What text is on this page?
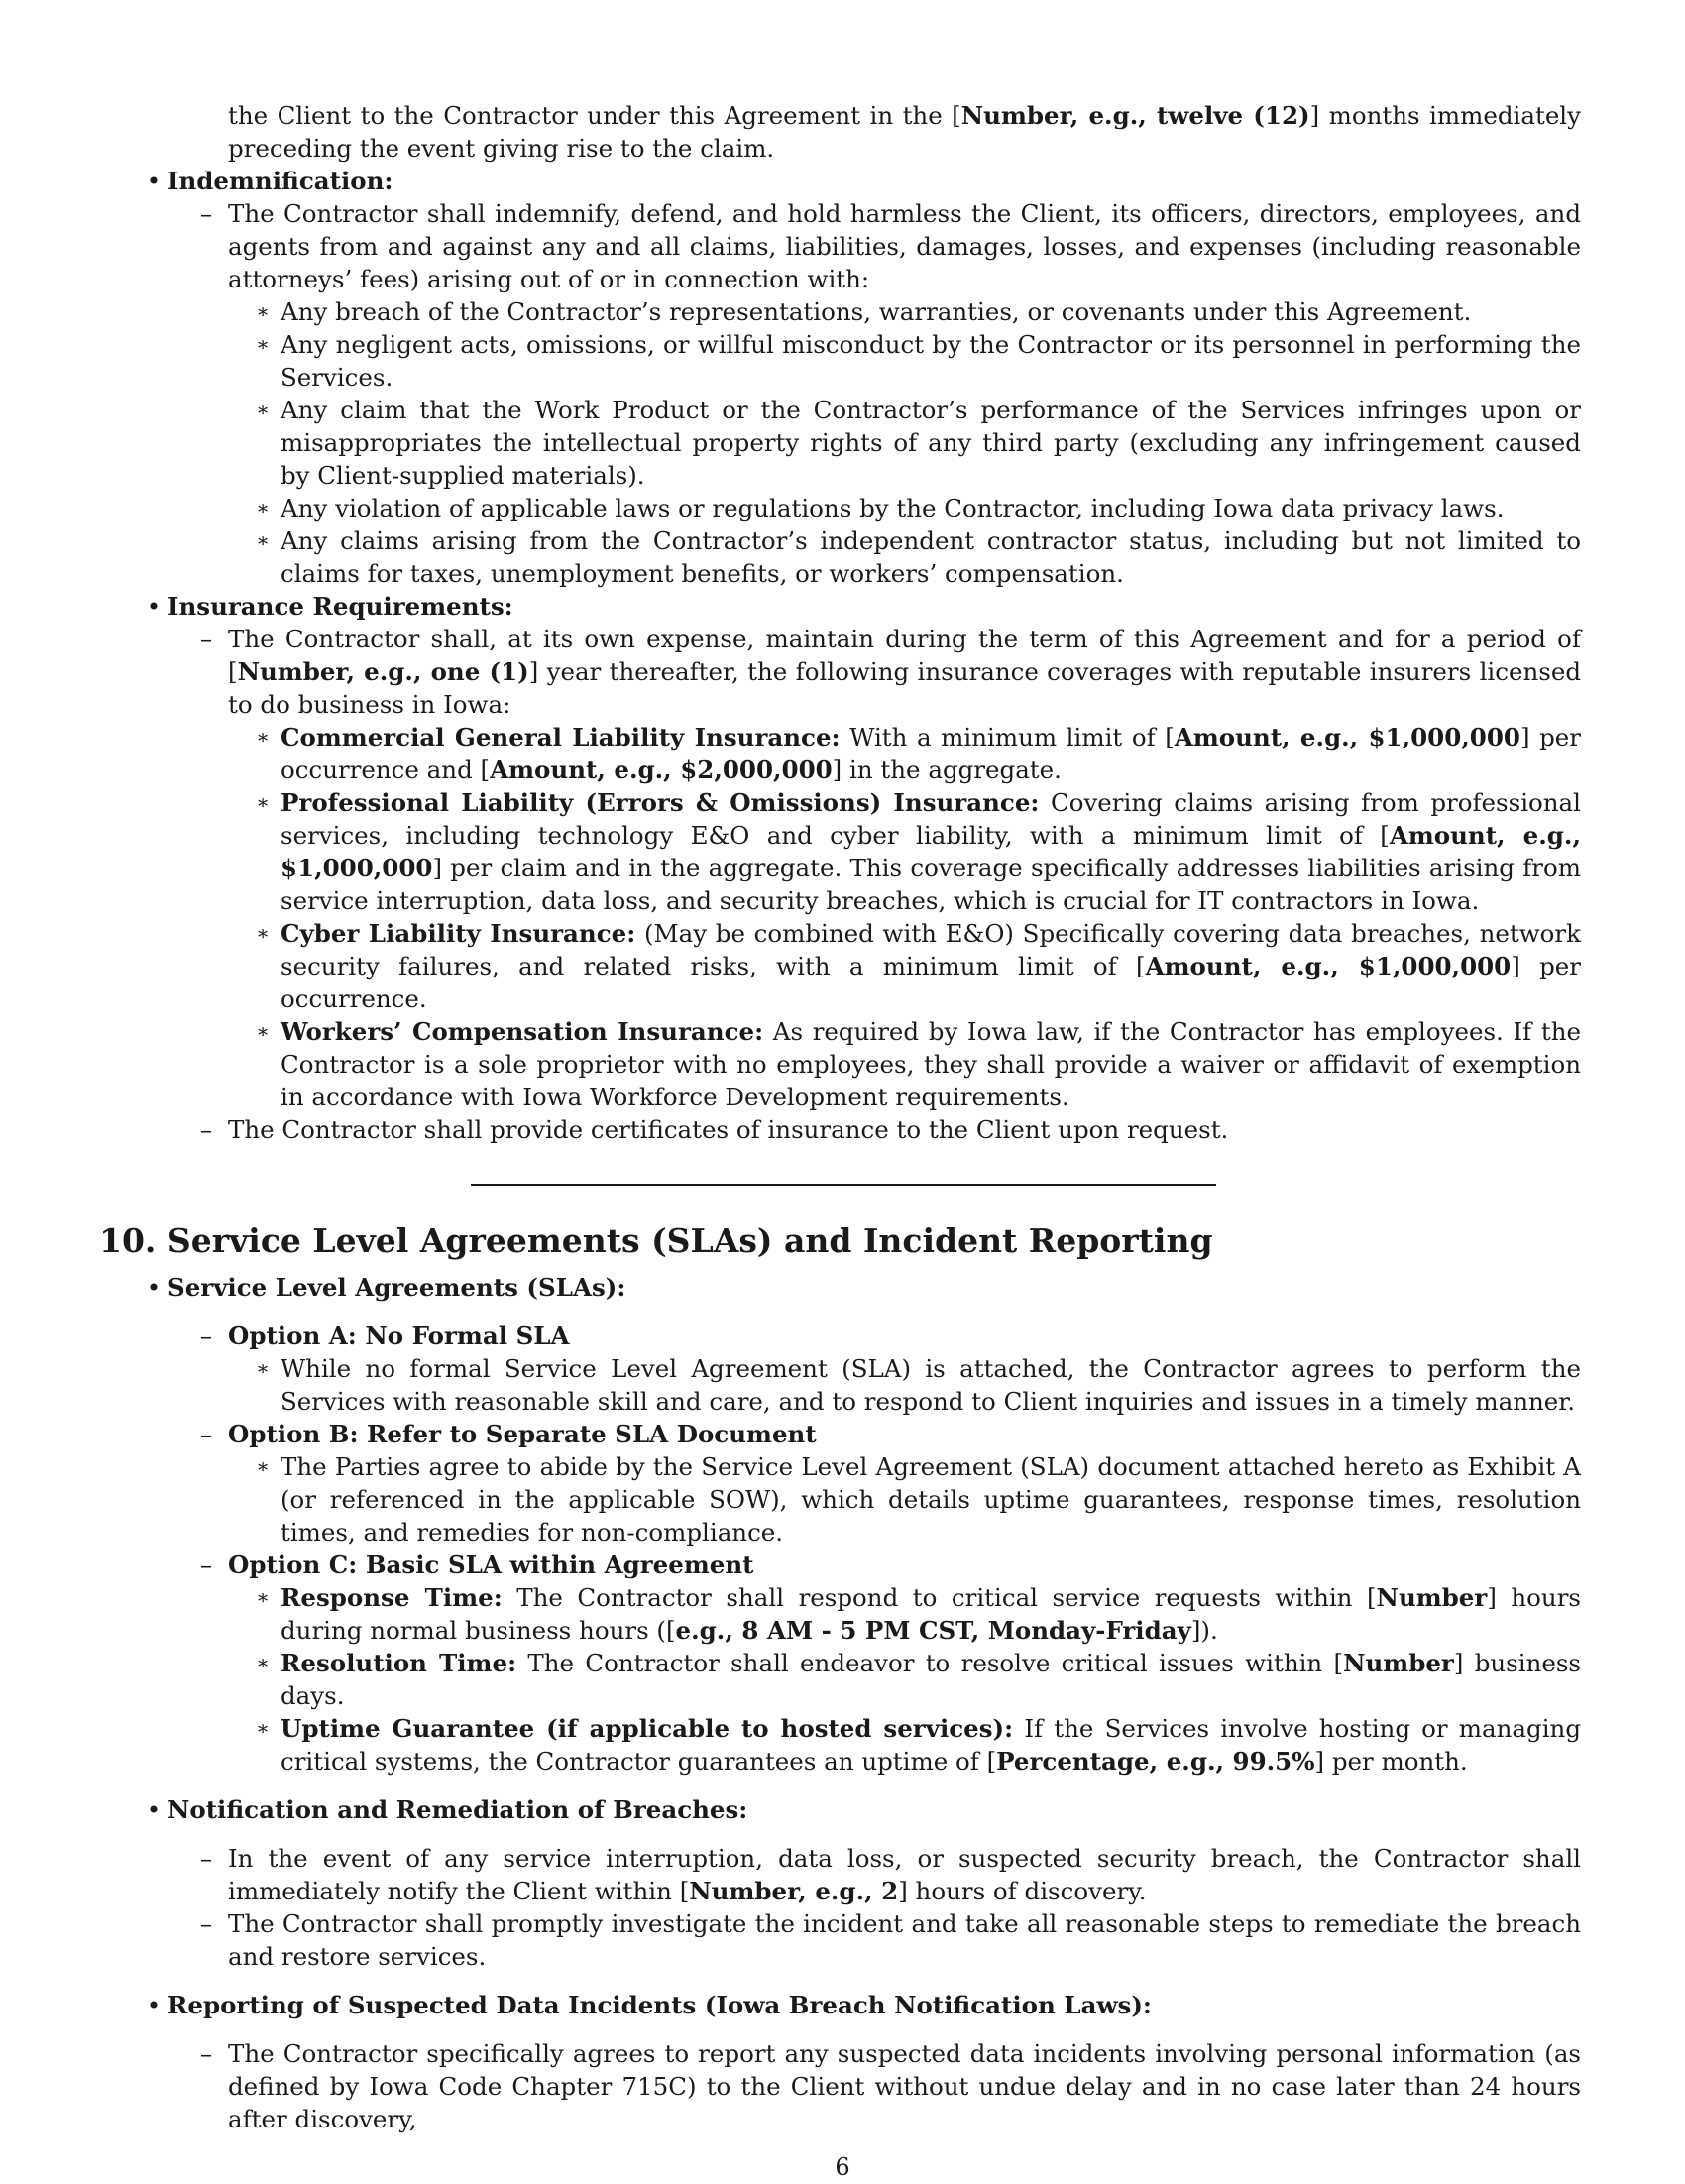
the Client to the Contractor under this Agreement in the [Number, e.g., twelve (12)] months immediately preceding the event giving rise to the claim.

• Indemnification:

– The Contractor shall indemnify, defend, and hold harmless the Client, its officers, directors, employees, and agents from and against any and all claims, liabilities, damages, losses, and expenses (including reasonable attorneys’ fees) arising out of or in connection with:

∗ Any breach of the Contractor’s representations, warranties, or covenants under this Agreement.

∗ Any negligent acts, omissions, or willful misconduct by the Contractor or its personnel in performing the Services.

∗ Any claim that the Work Product or the Contractor’s performance of the Services infringes upon or misappropriates the intellectual property rights of any third party (excluding any infringement caused by Client-supplied materials).

∗ Any violation of applicable laws or regulations by the Contractor, including Iowa data privacy laws.

∗ Any claims arising from the Contractor’s independent contractor status, including but not limited to claims for taxes, unemployment benefits, or workers’ compensation.

• Insurance Requirements:

– The Contractor shall, at its own expense, maintain during the term of this Agreement and for a period of [Number, e.g., one (1)] year thereafter, the following insurance coverages with reputable insurers licensed to do business in Iowa:

∗ Commercial General Liability Insurance: With a minimum limit of [Amount, e.g., $1,000,000] per occurrence and [Amount, e.g., $2,000,000] in the aggregate.

∗ Professional Liability (Errors & Omissions) Insurance: Covering claims arising from professional services, including technology E&O and cyber liability, with a minimum limit of [Amount, e.g., $1,000,000] per claim and in the aggregate. This coverage specifically addresses liabilities arising from service interruption, data loss, and security breaches, which is crucial for IT contractors in Iowa.

∗ Cyber Liability Insurance: (May be combined with E&O) Specifically covering data breaches, network security failures, and related risks, with a minimum limit of [Amount, e.g., $1,000,000] per occurrence.

∗ Workers’ Compensation Insurance: As required by Iowa law, if the Contractor has employees. If the Contractor is a sole proprietor with no employees, they shall provide a waiver or affidavit of exemption in accordance with Iowa Workforce Development requirements.

– The Contractor shall provide certificates of insurance to the Client upon request.

10. Service Level Agreements (SLAs) and Incident Reporting
• Service Level Agreements (SLAs):

– Option A: No Formal SLA

∗ While no formal Service Level Agreement (SLA) is attached, the Contractor agrees to perform the Services with reasonable skill and care, and to respond to Client inquiries and issues in a timely manner.

– Option B: Refer to Separate SLA Document

∗ The Parties agree to abide by the Service Level Agreement (SLA) document attached hereto as Exhibit A (or referenced in the applicable SOW), which details uptime guarantees, response times, resolution times, and remedies for non-compliance.

– Option C: Basic SLA within Agreement

∗ Response Time: The Contractor shall respond to critical service requests within [Number] hours during normal business hours ([e.g., 8 AM - 5 PM CST, Monday-Friday]).

∗ Resolution Time: The Contractor shall endeavor to resolve critical issues within [Number] business days.

∗ Uptime Guarantee (if applicable to hosted services): If the Services involve hosting or managing critical systems, the Contractor guarantees an uptime of [Percentage, e.g., 99.5%] per month.

• Notification and Remediation of Breaches:

– In the event of any service interruption, data loss, or suspected security breach, the Contractor shall immediately notify the Client within [Number, e.g., 2] hours of discovery.

– The Contractor shall promptly investigate the incident and take all reasonable steps to remediate the breach and restore services.

• Reporting of Suspected Data Incidents (Iowa Breach Notification Laws):

– The Contractor specifically agrees to report any suspected data incidents involving personal information (as defined by Iowa Code Chapter 715C) to the Client without undue delay and in no case later than 24 hours after discovery,

6
